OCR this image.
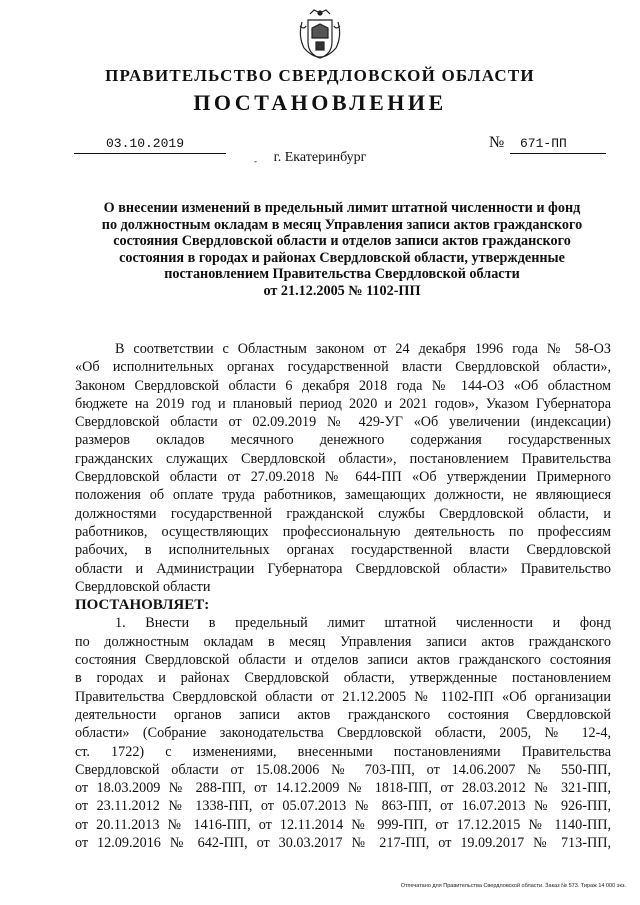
ПРАВИТЕЛЬСТВО СВЕРДЛОВСКОЙ ОБЛАСТИ
ПОСТАНОВЛЕНИЕ
03.10.2019	№ 671-ПП
- г. Екатеринбург
О внесении изменений в предельный лимит штатной численности и фонд
по должностным окладам в месяц Управления записи актов гражданского
состояния Свердловской области и отделов записи актов гражданского
состояния в городах и районах Свердловской области, утвержденные
постановлением Правительства Свердловской области
от 21.12.2005 № 1102-ПП
В соответствии с Областным законом от 24 декабря 1996 года № 58-ОЗ
«Об исполнительных органах государственной власти Свердловской области»,
Законом Свердловской области 6 декабря 2018 года № 144-ОЗ «Об областном
бюджете на 2019 год и плановый период 2020 и 2021 годов», Указом Губернатора
Свердловской области от 02.09.2019 № 429-УГ «Об увеличении (индексации)
размеров окладов месячного денежного содержания государственных
гражданских служащих Свердловской области», постановлением Правительства
Свердловской области от 27.09.2018 № 644-ПП «Об утверждении Примерного
положения об оплате труда работников, замещающих должности, не являющиеся
должностями государственной гражданской службы Свердловской области, и
работников, осуществляющих профессиональную деятельность по профессиям
рабочих, в исполнительных органах государственной власти Свердловской
области и Администрации Губернатора Свердловской области» Правительство
Свердловской области
ПОСТАНОВЛЯЕТ:
1. Внести в предельный лимит штатной численности и фонд
по должностным окладам в месяц Управления записи актов гражданского
состояния Свердловской области и отделов записи актов гражданского состояния
в городах и районах Свердловской области, утвержденные постановлением
Правительства Свердловской области от 21.12.2005 № 1102-ПП «Об организации
деятельности органов записи актов гражданского состояния Свердловской
области» (Собрание законодательства Свердловской области, 2005, № 12-4,
ст. 1722) с изменениями, внесенными постановлениями Правительства
Свердловской области от 15.08.2006 № 703-ПП, от 14.06.2007 № 550-ПП,
от 18.03.2009 № 288-ПП, от 14.12.2009 № 1818-ПП, от 28.03.2012 № 321-ПП,
от 23.11.2012 № 1338-ПП, от 05.07.2013 № 863-ПП, от 16.07.2013 № 926-ПП,
от 20.11.2013 № 1416-ПП, от 12.11.2014 № 999-ПП, от 17.12.2015 № 1140-ПП,
от 12.09.2016 № 642-ПП, от 30.03.2017 № 217-ПП, от 19.09.2017 № 713-ПП,
Отпечатано для Правительства Свердловской области. Заказ № 573. Тираж 14 000 экз.
